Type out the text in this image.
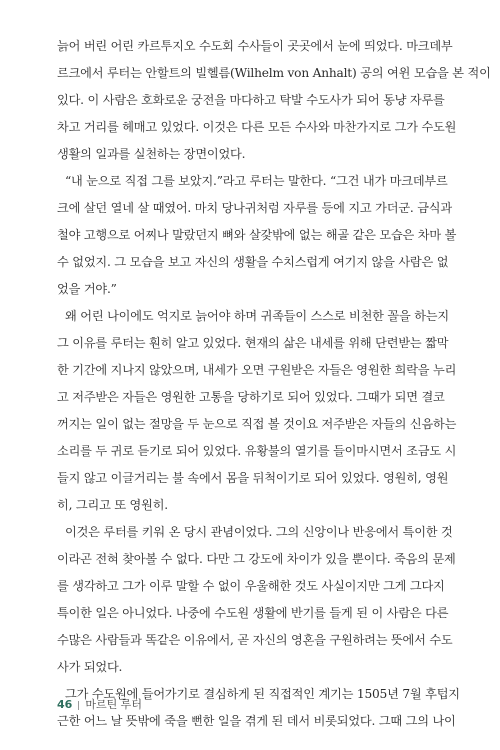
늙어 버린 어린 카르투지오 수도회 수사들이 곳곳에서 눈에 띄었다. 마크데부
르크에서 루터는 안할트의 빌헬름(Wilhelm von Anhalt) 공의 여윈 모습을 본 적이
있다. 이 사람은 호화로운 궁전을 마다하고 탁발 수도사가 되어 동냥 자루를
차고 거리를 헤매고 있었다. 이것은 다른 모든 수사와 마찬가지로 그가 수도원
생활의 일과를 실천하는 장면이었다.
“내 눈으로 직접 그를 보았지.”라고 루터는 말한다. “그건 내가 마크데부르
크에 살던 열네 살 때였어. 마치 당나귀처럼 자루를 등에 지고 가더군. 금식과
철야 고행으로 어찌나 말랐던지 뼈와 살갗밖에 없는 해골 같은 모습은 차마 볼
수 없었지. 그 모습을 보고 자신의 생활을 수치스럽게 여기지 않을 사람은 없
었을 거야.”
왜 어린 나이에도 억지로 늙어야 하며 귀족들이 스스로 비천한 꼴을 하는지
그 이유를 루터는 훤히 알고 있었다. 현재의 삶은 내세를 위해 단련받는 짧막
한 기간에 지나지 않았으며, 내세가 오면 구원받은 자들은 영원한 희락을 누리
고 저주받은 자들은 영원한 고통을 당하기로 되어 있었다. 그때가 되면 결코
꺼지는 일이 없는 절망을 두 눈으로 직접 볼 것이요 저주받은 자들의 신음하는
소리를 두 귀로 듣기로 되어 있었다. 유황불의 열기를 들이마시면서 조금도 시
들지 않고 이글거리는 불 속에서 몸을 뒤척이기로 되어 있었다. 영원히, 영원
히, 그리고 또 영원히.
이것은 루터를 키워 온 당시 관념이었다. 그의 신앙이나 반응에서 특이한 것
이라곤 전혀 찾아볼 수 없다. 다만 그 강도에 차이가 있을 뿐이다. 죽음의 문제
를 생각하고 그가 이루 말할 수 없이 우울해한 것도 사실이지만 그게 그다지
특이한 일은 아니었다. 나중에 수도원 생활에 반기를 들게 된 이 사람은 다른
수많은 사람들과 똑같은 이유에서, 곧 자신의 영혼을 구원하려는 뜻에서 수도
사가 되었다.
그가 수도원에 들어가기로 결심하게 된 직접적인 계기는 1505년 7월 후텁지
근한 어느 날 뜻밖에 죽을 뻔한 일을 겪게 된 데서 비롯되었다. 그때 그의 나이
46 마르틴 루터
